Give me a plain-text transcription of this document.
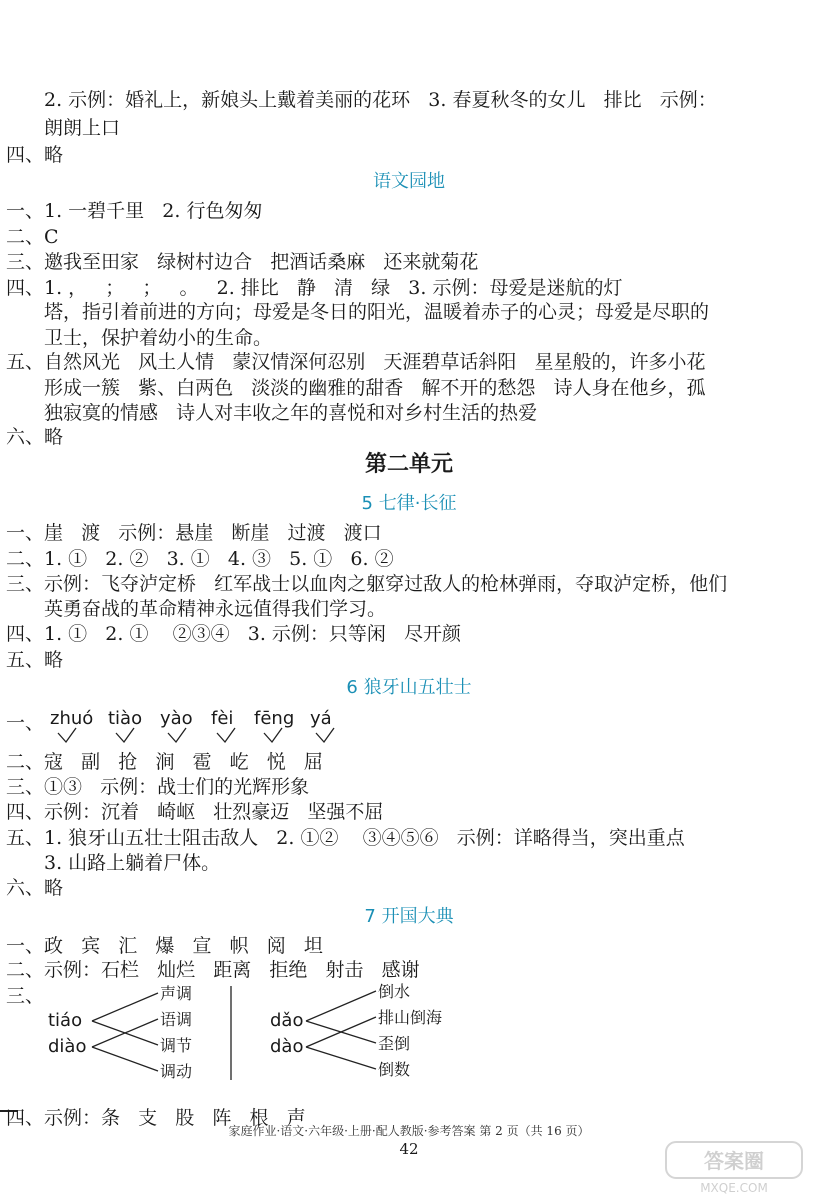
2. 示例：婚礼上，新娘头上戴着美丽的花环   3. 春夏秋冬的女儿   排比   示例：
朗朗上口
四、略
语文园地
一、1. 一碧千里   2. 行色匆匆
二、C
三、邀我至田家   绿树村边合   把酒话桑麻   还来就菊花
四、1. ，   ；   ；   。   2. 排比   静   清   绿   3. 示例：母爱是迷航的灯
塔，指引着前进的方向；母爱是冬日的阳光，温暖着赤子的心灵；母爱是尽职的
卫士，保护着幼小的生命。
五、自然风光   风土人情   蒙汉情深何忍别   天涯碧草话斜阳   星星般的，许多小花
形成一簇   紫、白两色   淡淡的幽雅的甜香   解不开的愁怨   诗人身在他乡，孤
独寂寞的情感   诗人对丰收之年的喜悦和对乡村生活的热爱
六、略
第二单元
5 七律·长征
一、崖   渡   示例：悬崖   断崖   过渡   渡口
二、1. ①   2. ②   3. ①   4. ③   5. ①   6. ②
三、示例：飞夺泸定桥   红军战士以血肉之躯穿过敌人的枪林弹雨，夺取泸定桥，他们
英勇奋战的革命精神永远值得我们学习。
四、1. ①   2. ①    ②③④   3. 示例：只等闲   尽开颜
五、略
6 狼牙山五壮士
一、 zhuó tiào yào fèi fēng yá
二、寇   副   抢   涧   雹   屹   悦   屈
三、①③   示例：战士们的光辉形象
四、示例：沉着   崎岖   壮烈豪迈   坚强不屈
五、1. 狼牙山五壮士阻击敌人   2. ①②    ③④⑤⑥   示例：详略得当，突出重点
3. 山路上躺着尸体。
六、略
7 开国大典
一、政   宾   汇   爆   宣   帜   阅   坦
二、示例：石栏   灿烂   距离   拒绝   射击   感谢
三、
tiáo
diào
声调
语调
调节
调动
dǎo
dào
倒水
排山倒海
歪倒
倒数
四、示例：条   支   股   阵   根   声
家庭作业·语文·六年级·上册·配人教版·参考答案 第 2 页（共 16 页）
42	答案圈
MXQE.COM
